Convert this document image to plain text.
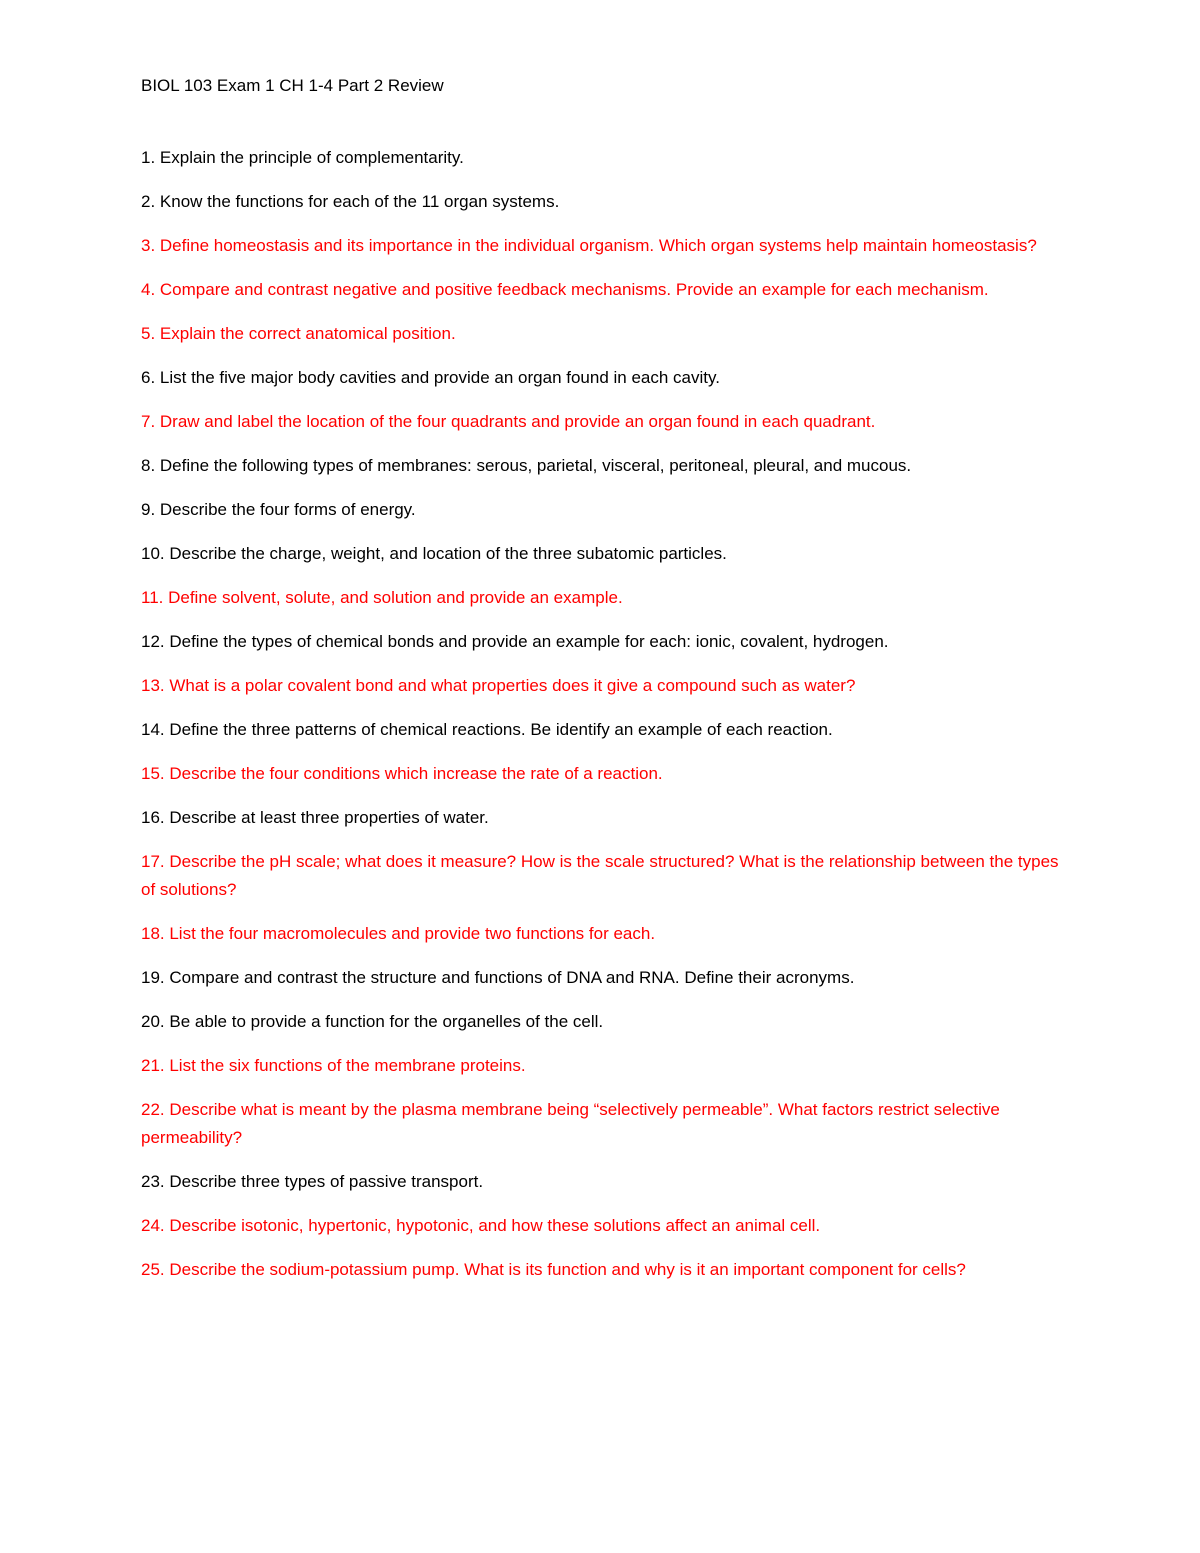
BIOL 103 Exam 1 CH 1-4 Part 2 Review
1. Explain the principle of complementarity.
2. Know the functions for each of the 11 organ systems.
3. Define homeostasis and its importance in the individual organism. Which organ systems help maintain homeostasis?
4. Compare and contrast negative and positive feedback mechanisms. Provide an example for each mechanism.
5. Explain the correct anatomical position.
6. List the five major body cavities and provide an organ found in each cavity.
7. Draw and label the location of the four quadrants and provide an organ found in each quadrant.
8. Define the following types of membranes: serous, parietal, visceral, peritoneal, pleural, and mucous.
9. Describe the four forms of energy.
10. Describe the charge, weight, and location of the three subatomic particles.
11. Define solvent, solute, and solution and provide an example.
12. Define the types of chemical bonds and provide an example for each: ionic, covalent, hydrogen.
13. What is a polar covalent bond and what properties does it give a compound such as water?
14. Define the three patterns of chemical reactions. Be identify an example of each reaction.
15. Describe the four conditions which increase the rate of a reaction.
16. Describe at least three properties of water.
17. Describe the pH scale; what does it measure? How is the scale structured? What is the relationship between the types of solutions?
18. List the four macromolecules and provide two functions for each.
19. Compare and contrast the structure and functions of DNA and RNA. Define their acronyms.
20. Be able to provide a function for the organelles of the cell.
21. List the six functions of the membrane proteins.
22. Describe what is meant by the plasma membrane being “selectively permeable”. What factors restrict selective permeability?
23. Describe three types of passive transport.
24. Describe isotonic, hypertonic, hypotonic, and how these solutions affect an animal cell.
25. Describe the sodium-potassium pump. What is its function and why is it an important component for cells?
